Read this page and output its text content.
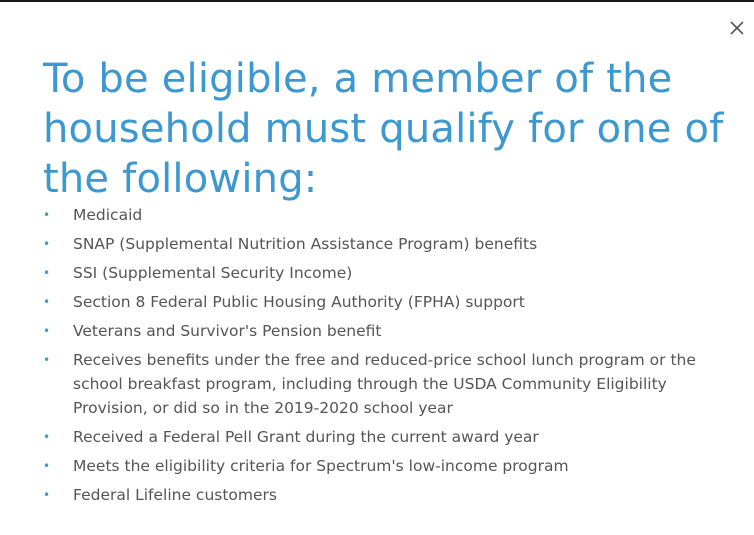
To be eligible, a member of the household must qualify for one of the following:
• Medicaid
• SNAP (Supplemental Nutrition Assistance Program) benefits
• SSI (Supplemental Security Income)
• Section 8 Federal Public Housing Authority (FPHA) support
• Veterans and Survivor's Pension benefit
• Receives benefits under the free and reduced-price school lunch program or the school breakfast program, including through the USDA Community Eligibility Provision, or did so in the 2019-2020 school year
• Received a Federal Pell Grant during the current award year
• Meets the eligibility criteria for Spectrum's low-income program
• Federal Lifeline customers
